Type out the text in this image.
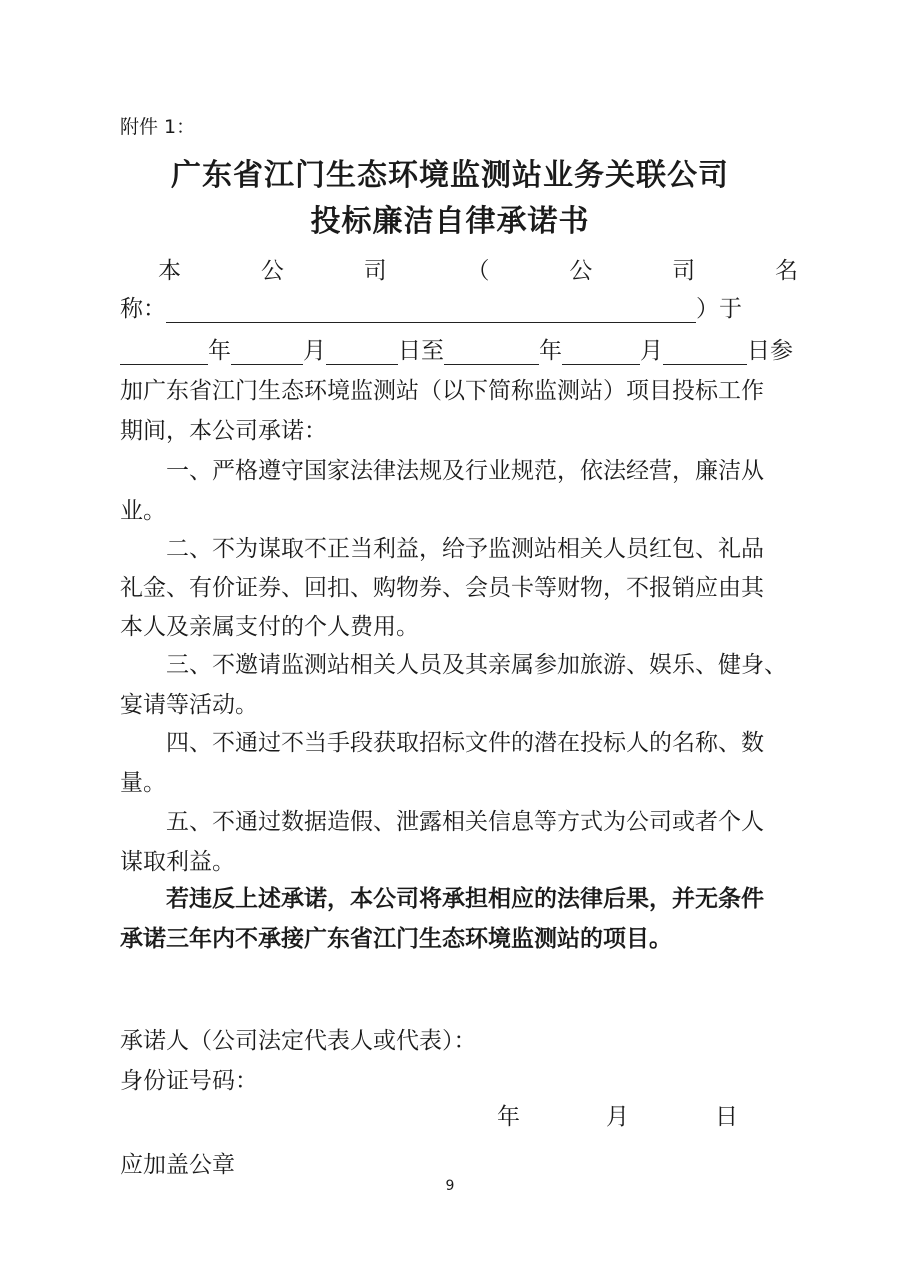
附件 1：
广东省江门生态环境监测站业务关联公司
投标廉洁自律承诺书
本	公	司	（	公	司	名
称：	）于
年	月	日至	年	月	日参
加广东省江门生态环境监测站（以下简称监测站）项目投标工作
期间，本公司承诺：
一、严格遵守国家法律法规及行业规范，依法经营，廉洁从
业。
二、不为谋取不正当利益，给予监测站相关人员红包、礼品
礼金、有价证券、回扣、购物券、会员卡等财物，不报销应由其
本人及亲属支付的个人费用。
三、不邀请监测站相关人员及其亲属参加旅游、娱乐、健身、
宴请等活动。
四、不通过不当手段获取招标文件的潜在投标人的名称、数
量。
五、不通过数据造假、泄露相关信息等方式为公司或者个人
谋取利益。
若违反上述承诺，本公司将承担相应的法律后果，并无条件
承诺三年内不承接广东省江门生态环境监测站的项目。
承诺人（公司法定代表人或代表）：
身份证号码：
年	月	日
应加盖公章
9
